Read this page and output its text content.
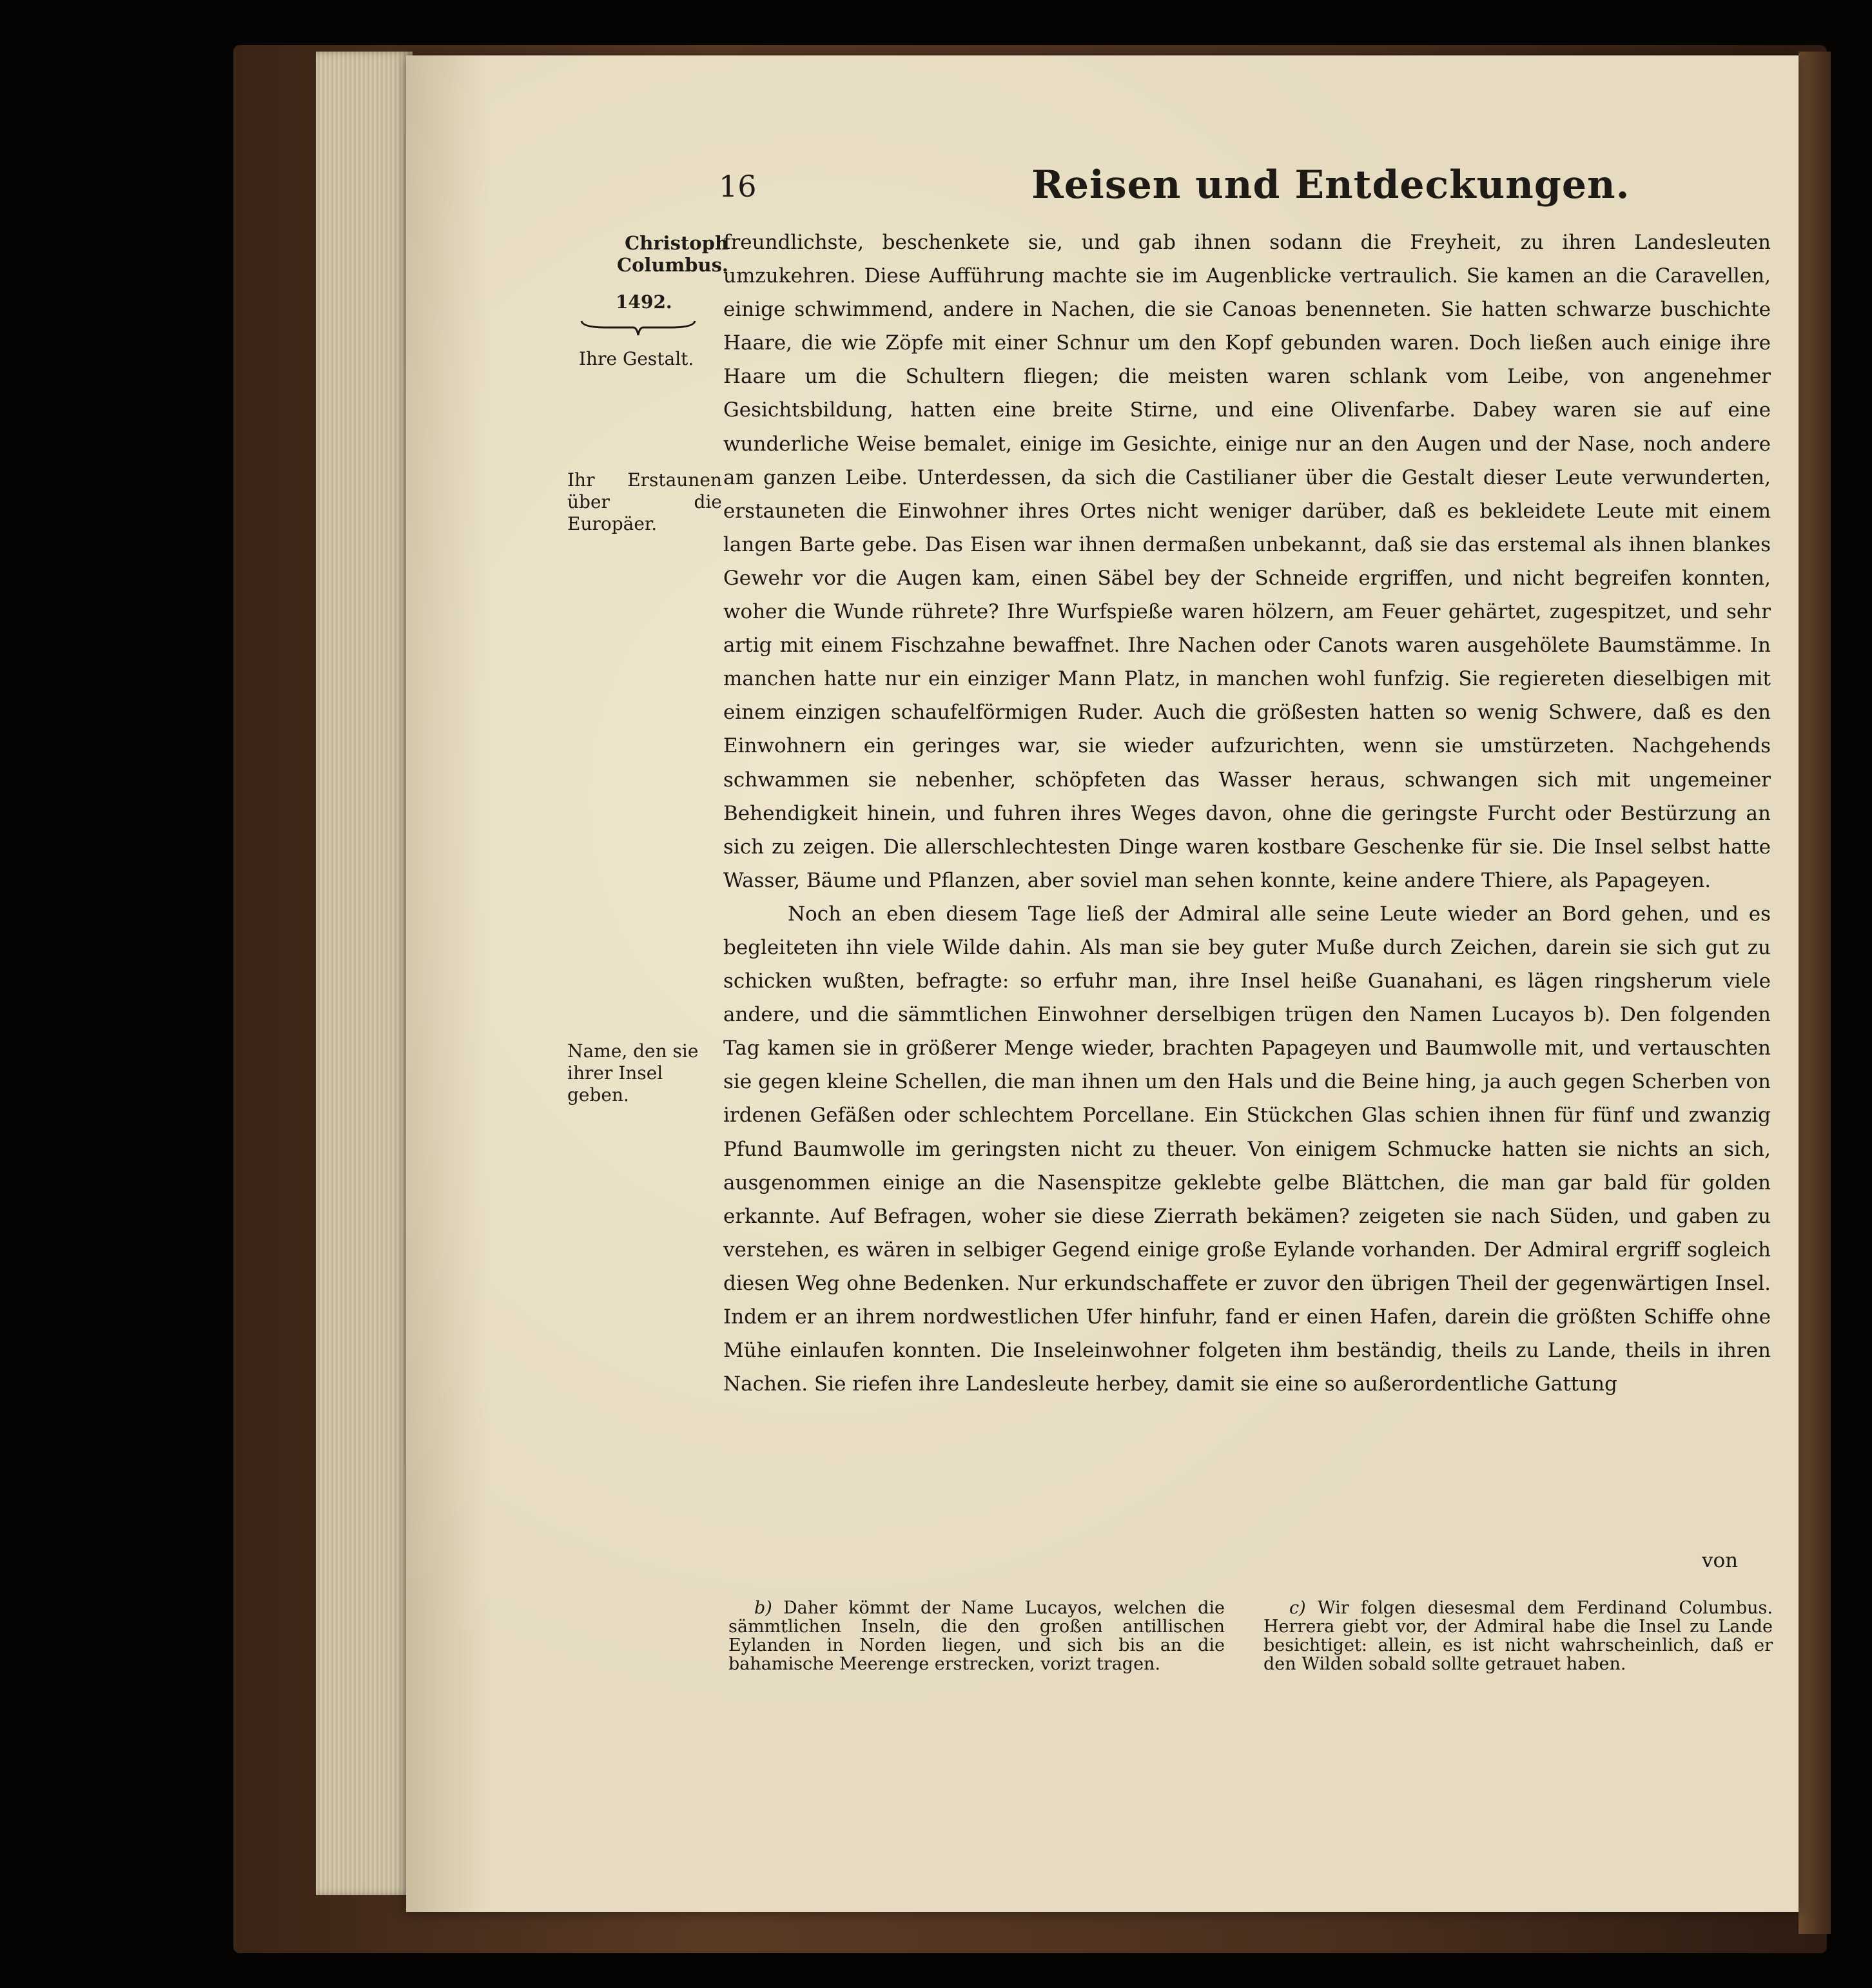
16	Reisen und Entdeckungen.
Christoph Columbus.
1492.
Ihre Gestalt.
Ihr Erstaunen über die Europäer.
Name, den sie ihrer Insel geben.

freundlichste, beschenkete sie, und gab ihnen sodann die Freyheit, zu ihren Landesleuten umzukehren. Diese Aufführung machte sie im Augenblicke vertraulich. Sie kamen an die Caravellen, einige schwimmend, andere in Nachen, die sie Canoas benenneten. Sie hatten schwarze buschichte Haare, die wie Zöpfe mit einer Schnur um den Kopf gebunden waren. Doch ließen auch einige ihre Haare um die Schultern fliegen; die meisten waren schlank vom Leibe, von angenehmer Gesichtsbildung, hatten eine breite Stirne, und eine Olivenfarbe. Dabey waren sie auf eine wunderliche Weise bemalet, einige im Gesichte, einige nur an den Augen und der Nase, noch andere am ganzen Leibe. Unterdessen, da sich die Castilianer über die Gestalt dieser Leute verwunderten, erstauneten die Einwohner ihres Ortes nicht weniger darüber, daß es bekleidete Leute mit einem langen Barte gebe. Das Eisen war ihnen dermaßen unbekannt, daß sie das erstemal als ihnen blankes Gewehr vor die Augen kam, einen Säbel bey der Schneide ergriffen, und nicht begreifen konnten, woher die Wunde rührete? Ihre Wurfspieße waren hölzern, am Feuer gehärtet, zugespitzet, und sehr artig mit einem Fischzahne bewaffnet. Ihre Nachen oder Canots waren ausgehölete Baumstämme. In manchen hatte nur ein einziger Mann Platz, in manchen wohl funfzig. Sie regiereten dieselbigen mit einem einzigen schaufelförmigen Ruder. Auch die größesten hatten so wenig Schwere, daß es den Einwohnern ein geringes war, sie wieder aufzurichten, wenn sie umstürzeten. Nachgehends schwammen sie nebenher, schöpfeten das Wasser heraus, schwangen sich mit ungemeiner Behendigkeit hinein, und fuhren ihres Weges davon, ohne die geringste Furcht oder Bestürzung an sich zu zeigen. Die allerschlechtesten Dinge waren kostbare Geschenke für sie. Die Insel selbst hatte Wasser, Bäume und Pflanzen, aber soviel man sehen konnte, keine andere Thiere, als Papageyen.

Noch an eben diesem Tage ließ der Admiral alle seine Leute wieder an Bord gehen, und es begleiteten ihn viele Wilde dahin. Als man sie bey guter Muße durch Zeichen, darein sie sich gut zu schicken wußten, befragte: so erfuhr man, ihre Insel heiße Guanahani, es lägen ringsherum viele andere, und die sämmtlichen Einwohner derselbigen trügen den Namen Lucayos b). Den folgenden Tag kamen sie in größerer Menge wieder, brachten Papageyen und Baumwolle mit, und vertauschten sie gegen kleine Schellen, die man ihnen um den Hals und die Beine hing, ja auch gegen Scherben von irdenen Gefäßen oder schlechtem Porcellane. Ein Stückchen Glas schien ihnen für fünf und zwanzig Pfund Baumwolle im geringsten nicht zu theuer. Von einigem Schmucke hatten sie nichts an sich, ausgenommen einige an die Nasenspitze geklebte gelbe Blättchen, die man gar bald für golden erkannte. Auf Befragen, woher sie diese Zierrath bekämen? zeigeten sie nach Süden, und gaben zu verstehen, es wären in selbiger Gegend einige große Eylande vorhanden. Der Admiral ergriff sogleich diesen Weg ohne Bedenken. Nur erkundschaffete er zuvor den übrigen Theil der gegenwärtigen Insel. Indem er an ihrem nordwestlichen Ufer hinfuhr, fand er einen Hafen, darein die größten Schiffe ohne Mühe einlaufen konnten. Die Inseleinwohner folgeten ihm beständig, theils zu Lande, theils in ihren Nachen. Sie riefen ihre Landesleute herbey, damit sie eine so außerordentliche Gattung

von
b) Daher kömmt der Name Lucayos, welchen die sämmtlichen Inseln, die den großen antillischen Eylanden in Norden liegen, und sich bis an die bahamische Meerenge erstrecken, vorizt tragen.
c) Wir folgen diesesmal dem Ferdinand Columbus. Herrera giebt vor, der Admiral habe die Insel zu Lande besichtiget: allein, es ist nicht wahrscheinlich, daß er den Wilden sobald sollte getrauet haben.
